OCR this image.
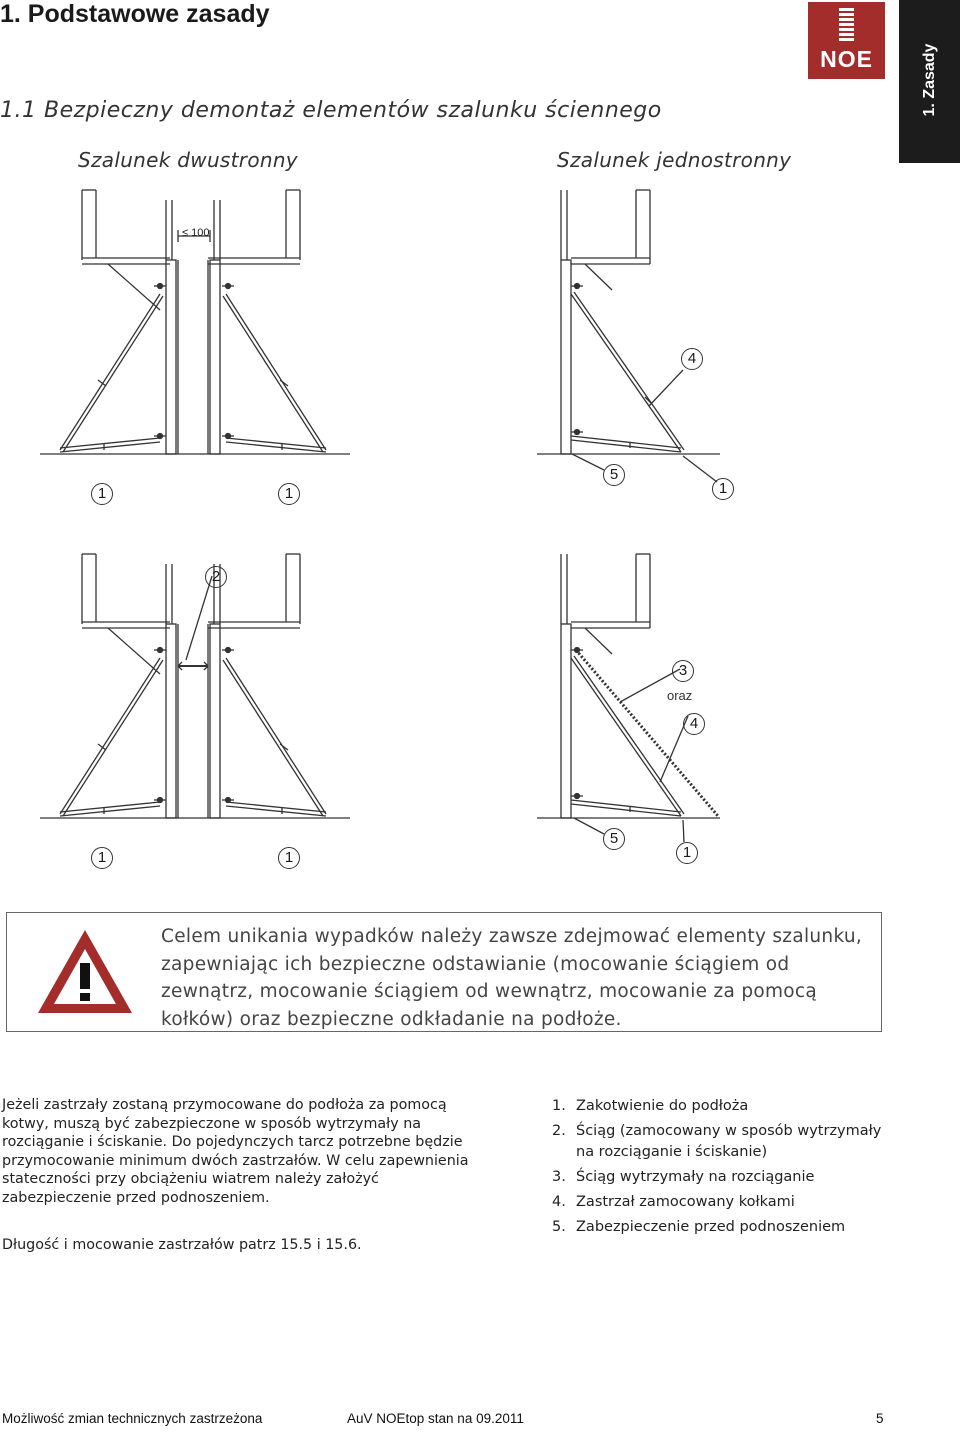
1. Podstawowe zasady
1.1 Bezpieczny demontaż elementów szalunku ściennego
NOE	1. Zasady
Szalunek dwustronny	Szalunek jednostronny
≤ 100
1	1
4
5
1
2
3
oraz
4
5
1	1	1
Celem unikania wypadków należy zawsze zdejmować elementy szalunku, zapewniając ich bezpieczne odstawianie (mocowanie ściągiem od zewnątrz, mocowanie ściągiem od wewnątrz, mocowanie za pomocą kołków) oraz bezpieczne odkładanie na podłoże.
Jeżeli zastrzały zostaną przymocowane do podłoża za pomocą kotwy, muszą być zabezpieczone w sposób wytrzymały na rozciąganie i ściskanie. Do pojedynczych tarcz potrzebne będzie przymocowanie minimum dwóch zastrzałów. W celu zapewnienia stateczności przy obciążeniu wiatrem należy założyć zabezpieczenie przed podnoszeniem.
Długość i mocowanie zastrzałów patrz 15.5 i 15.6.
1. Zakotwienie do podłoża
2. Ściąg (zamocowany w sposób wytrzymały na rozciąganie i ściskanie)
3. Ściąg wytrzymały na rozciąganie
4. Zastrzał zamocowany kołkami
5. Zabezpieczenie przed podnoszeniem
Możliwość zmian technicznych zastrzeżona	AuV NOEtop stan na 09.2011	5
